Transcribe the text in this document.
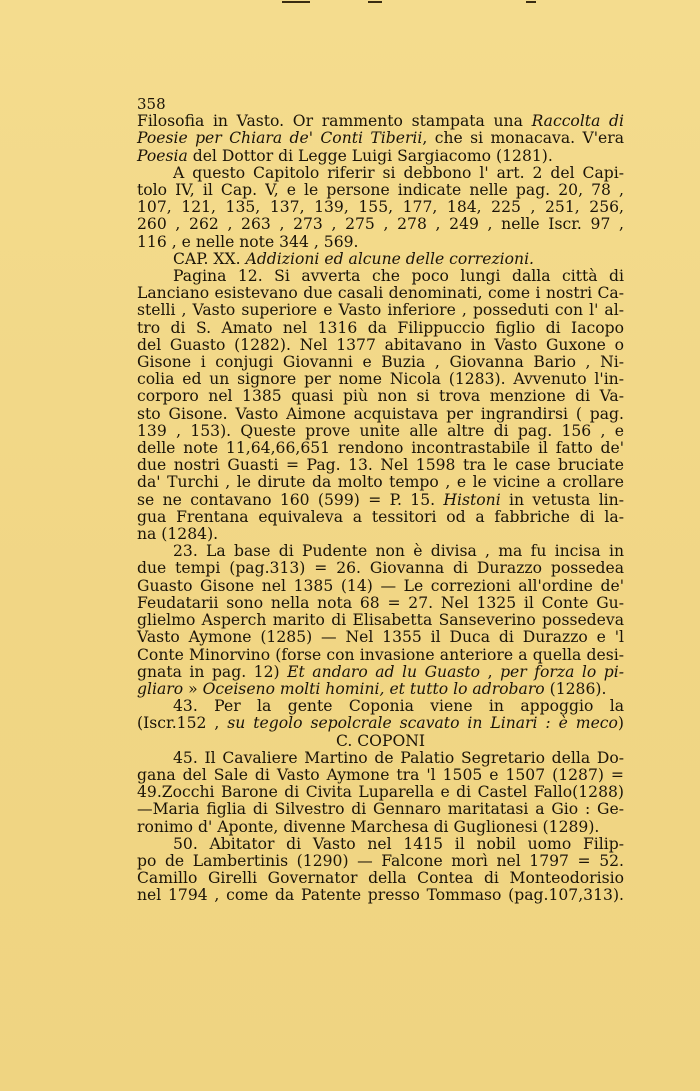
358
Filosofia in Vasto. Or rammento stampata una Raccolta di
Poesie per Chiara de' Conti Tiberii, che si monacava. V'era
Poesia del Dottor di Legge Luigi Sargiacomo (1281).
A questo Capitolo riferir si debbono l' art. 2 del Capi-
tolo IV, il Cap. V, e le persone indicate nelle pag. 20, 78 ,
107, 121, 135, 137, 139, 155, 177, 184, 225 , 251, 256,
260 , 262 , 263 , 273 , 275 , 278 , 249 , nelle Iscr. 97 ,
116 , e nelle note 344 , 569.
CAP. XX. Addizioni ed alcune delle correzioni.
Pagina 12. Si avverta che poco lungi dalla città di
Lanciano esistevano due casali denominati, come i nostri Ca-
stelli , Vasto superiore e Vasto inferiore , posseduti con l' al-
tro di S. Amato nel 1316 da Filippuccio figlio di Iacopo
del Guasto (1282). Nel 1377 abitavano in Vasto Guxone o
Gisone i conjugi Giovanni e Buzia , Giovanna Bario , Ni-
colia ed un signore per nome Nicola (1283). Avvenuto l'in-
corporo nel 1385 quasi più non si trova menzione di Va-
sto Gisone. Vasto Aimone acquistava per ingrandirsi ( pag.
139 , 153). Queste prove unite alle altre di pag. 156 , e
delle note 11,64,66,651 rendono incontrastabile il fatto de'
due nostri Guasti = Pag. 13. Nel 1598 tra le case bruciate
da' Turchi , le dirute da molto tempo , e le vicine a crollare
se ne contavano 160 (599) = P. 15. Histoni in vetusta lin-
gua Frentana equivaleva a tessitori od a fabbriche di la-
na (1284).
23. La base di Pudente non è divisa , ma fu incisa in
due tempi (pag.313) = 26. Giovanna di Durazzo possedea
Guasto Gisone nel 1385 (14) — Le correzioni all'ordine de'
Feudatarii sono nella nota 68 = 27. Nel 1325 il Conte Gu-
glielmo Asperch marito di Elisabetta Sanseverino possedeva
Vasto Aymone (1285) — Nel 1355 il Duca di Durazzo e 'l
Conte Minorvino (forse con invasione anteriore a quella desi-
gnata in pag. 12) Et andaro ad lu Guasto , per forza lo pi-
gliaro » Oceiseno molti homini, et tutto lo adrobaro (1286).
43. Per la gente Coponia viene in appoggio la
(Iscr.152 , su tegolo sepolcrale scavato in Linari : è meco)
C. COPONI
45. Il Cavaliere Martino de Palatio Segretario della Do-
gana del Sale di Vasto Aymone tra 'l 1505 e 1507 (1287) =
49.Zocchi Barone di Civita Luparella e di Castel Fallo(1288)
—Maria figlia di Silvestro di Gennaro maritatasi a Gio : Ge-
ronimo d' Aponte, divenne Marchesa di Guglionesi (1289).
50. Abitator di Vasto nel 1415 il nobil uomo Filip-
po de Lambertinis (1290) — Falcone morì nel 1797 = 52.
Camillo Girelli Governator della Contea di Monteodorisio
nel 1794 , come da Patente presso Tommaso (pag.107,313).
